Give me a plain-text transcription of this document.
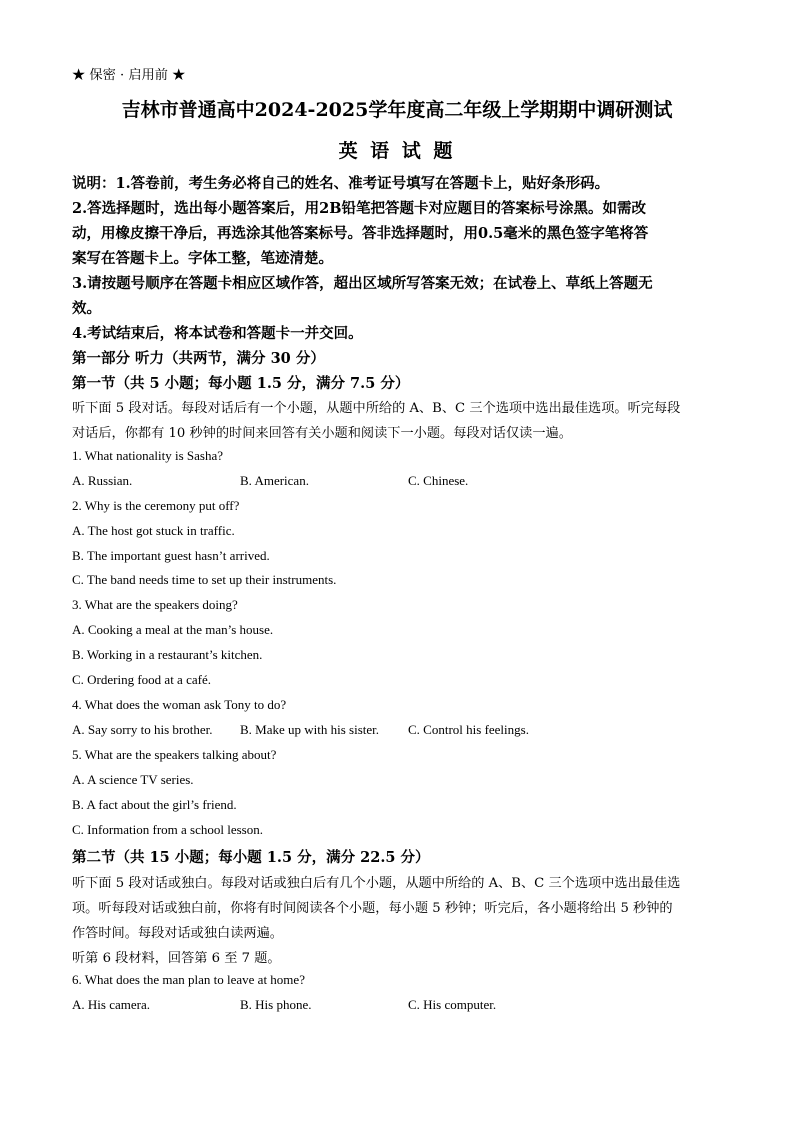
★ 保密 · 启用前 ★
吉林市普通高中2024-2025学年度高二年级上学期期中调研测试
英 语 试 题
说明：1.答卷前，考生务必将自己的姓名、准考证号填写在答题卡上，贴好条形码。
2.答选择题时，选出每小题答案后，用2B铅笔把答题卡对应题目的答案标号涂黑。如需改
动，用橡皮擦干净后，再选涂其他答案标号。答非选择题时，用0.5毫米的黑色签字笔将答
案写在答题卡上。字体工整，笔迹清楚。
3.请按题号顺序在答题卡相应区域作答，超出区域所写答案无效；在试卷上、草纸上答题无
效。
4.考试结束后，将本试卷和答题卡一并交回。
第一部分 听力（共两节，满分 30 分）
第一节（共 5 小题；每小题 1.5 分，满分 7.5 分）
听下面 5 段对话。每段对话后有一个小题，从题中所给的 A、B、C 三个选项中选出最佳选项。听完每段
对话后，你都有 10 秒钟的时间来回答有关小题和阅读下一小题。每段对话仅读一遍。
1. What nationality is Sasha?
A. Russian.	B. American.	C. Chinese.
2. Why is the ceremony put off?
A. The host got stuck in traffic.
B. The important guest hasn’t arrived.
C. The band needs time to set up their instruments.
3. What are the speakers doing?
A. Cooking a meal at the man’s house.
B. Working in a restaurant’s kitchen.
C. Ordering food at a café.
4. What does the woman ask Tony to do?
A. Say sorry to his brother. B. Make up with his sister. C. Control his feelings.
5. What are the speakers talking about?
A. A science TV series.
B. A fact about the girl’s friend.
C. Information from a school lesson.
第二节（共 15 小题；每小题 1.5 分，满分 22.5 分）
听下面 5 段对话或独白。每段对话或独白后有几个小题，从题中所给的 A、B、C 三个选项中选出最佳选
项。听每段对话或独白前，你将有时间阅读各个小题，每小题 5 秒钟；听完后，各小题将给出 5 秒钟的
作答时间。每段对话或独白读两遍。
听第 6 段材料，回答第 6 至 7 题。
6. What does the man plan to leave at home?
A. His camera.	B. His phone.	C. His computer.
